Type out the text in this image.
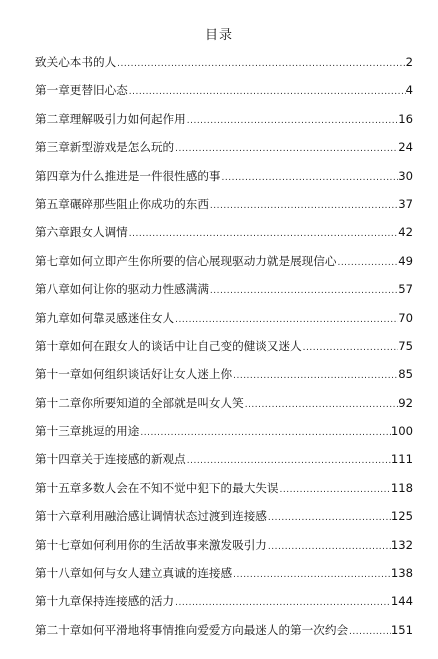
目录
致关心本书的人 .....	2
第一章更替旧心态 .....	4
第二章理解吸引力如何起作用 .....	16
第三章新型游戏是怎么玩的 .....	24
第四章为什么推进是一件很性感的事 .....	30
第五章碾碎那些阻止你成功的东西 .....	37
第六章跟女人调情 .....	42
第七章如何立即产生你所要的信心展现驱动力就是展现信心 .....	49
第八章如何让你的驱动力性感满满 .....	57
第九章如何靠灵感迷住女人 .....	70
第十章如何在跟女人的谈话中让自己变的健谈又迷人 .....	75
第十一章如何组织谈话好让女人迷上你 .....	85
第十二章你所要知道的全部就是叫女人笑 .....	92
第十三章挑逗的用途 .....	100
第十四章关于连接感的新观点 .....	111
第十五章多数人会在不知不觉中犯下的最大失误 .....	118
第十六章利用融洽感让调情状态过渡到连接感 .....	125
第十七章如何利用你的生活故事来激发吸引力 .....	132
第十八章如何与女人建立真诚的连接感 .....	138
第十九章保持连接感的活力 .....	144
第二十章如何平滑地将事情推向爱爱方向最迷人的第一次约会 .....	151
